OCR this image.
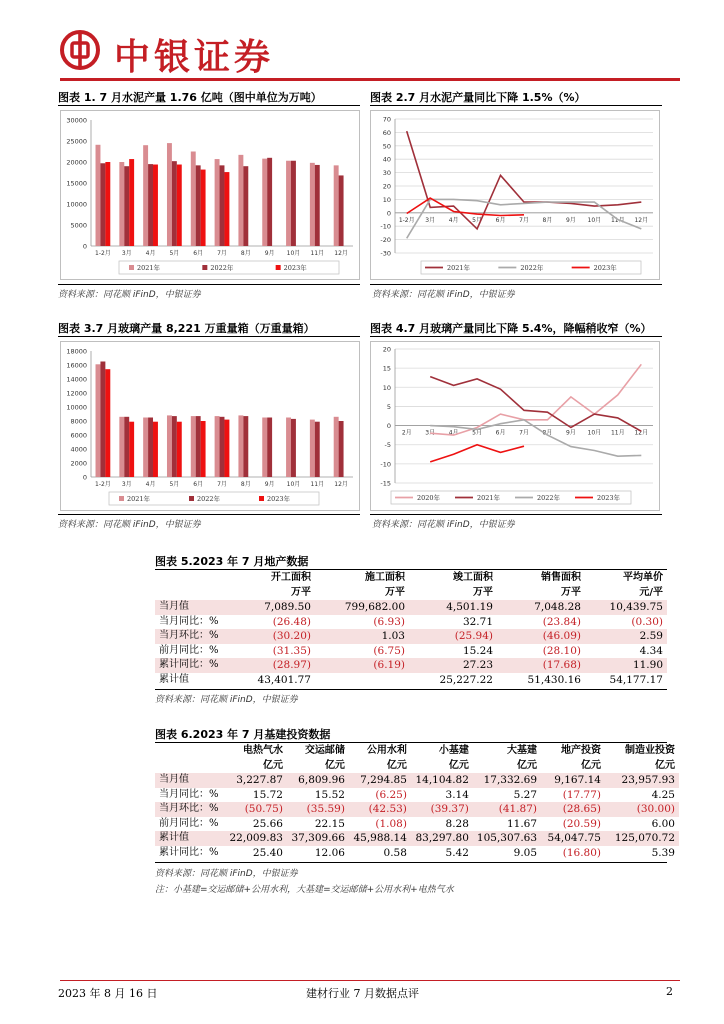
中银证券
图表 1. 7 月水泥产量 1.76 亿吨（图中单位为万吨）
0
5000
10000
15000
20000
25000
30000
1-2月 3月 4月 5月 6月 7月 8月 9月 10月 11月 12月
2021年	2022年	2023年
资料来源：同花顺 iFinD，中银证券
图表 2.7 月水泥产量同比下降 1.5%（%）
-30
-20
-10
0
10
20
30
40
50
60
70
1-2月 3月 4月 5月 6月 7月 8月 9月 10月 11月 12月
2021年	2022年	2023年
资料来源：同花顺 iFinD，中银证券
图表 3.7 月玻璃产量 8,221 万重量箱（万重量箱）
0
2000
4000
6000
8000
10000
12000
14000
16000
18000
1-2月 3月 4月 5月 6月 7月 8月 9月 10月 11月 12月
2021年	2022年	2023年
资料来源：同花顺 iFinD，中银证券
图表 4.7 月玻璃产量同比下降 5.4%，降幅稍收窄（%）
-15
-10
-5
0
5
10
15
20
2月 3月 4月 5月 6月 7月 8月 9月 10月 11月 12月
2020年	2021年	2022年	2023年
资料来源：同花顺 iFinD，中银证券
图表 5.2023 年 7 月地产数据
	开工面积	施工面积	竣工面积	销售面积	平均单价
	万平	万平	万平	万平	元/平
当月值	7,089.50	799,682.00	4,501.19	7,048.28	10,439.75
当月同比：%	(26.48)	(6.93)	32.71	(23.84)	(0.30)
当月环比：%	(30.20)	1.03	(25.94)	(46.09)	2.59
前月同比：%	(31.35)	(6.75)	15.24	(28.10)	4.34
累计同比：%	(28.97)	(6.19)	27.23	(17.68)	11.90
累计值	43,401.77		25,227.22	51,430.16	54,177.17
资料来源：同花顺 iFinD，中银证券
图表 6.2023 年 7 月基建投资数据
	电热气水	交运邮储	公用水利	小基建	大基建	地产投资	制造业投资
	亿元	亿元	亿元	亿元	亿元	亿元	亿元
当月值	3,227.87	6,809.96	7,294.85	14,104.82	17,332.69	9,167.14	23,957.93
当月同比：%	15.72	15.52	(6.25)	3.14	5.27	(17.77)	4.25
当月环比：%	(50.75)	(35.59)	(42.53)	(39.37)	(41.87)	(28.65)	(30.00)
前月同比：%	25.66	22.15	(1.08)	8.28	11.67	(20.59)	6.00
累计值	22,009.83	37,309.66	45,988.14	83,297.80	105,307.63	54,047.75	125,070.72
累计同比：%	25.40	12.06	0.58	5.42	9.05	(16.80)	5.39
资料来源：同花顺 iFinD，中银证券
注：小基建=交运邮储+公用水利，大基建=交运邮储+公用水利+电热气水
2023 年 8 月 16 日	建材行业 7 月数据点评	2
